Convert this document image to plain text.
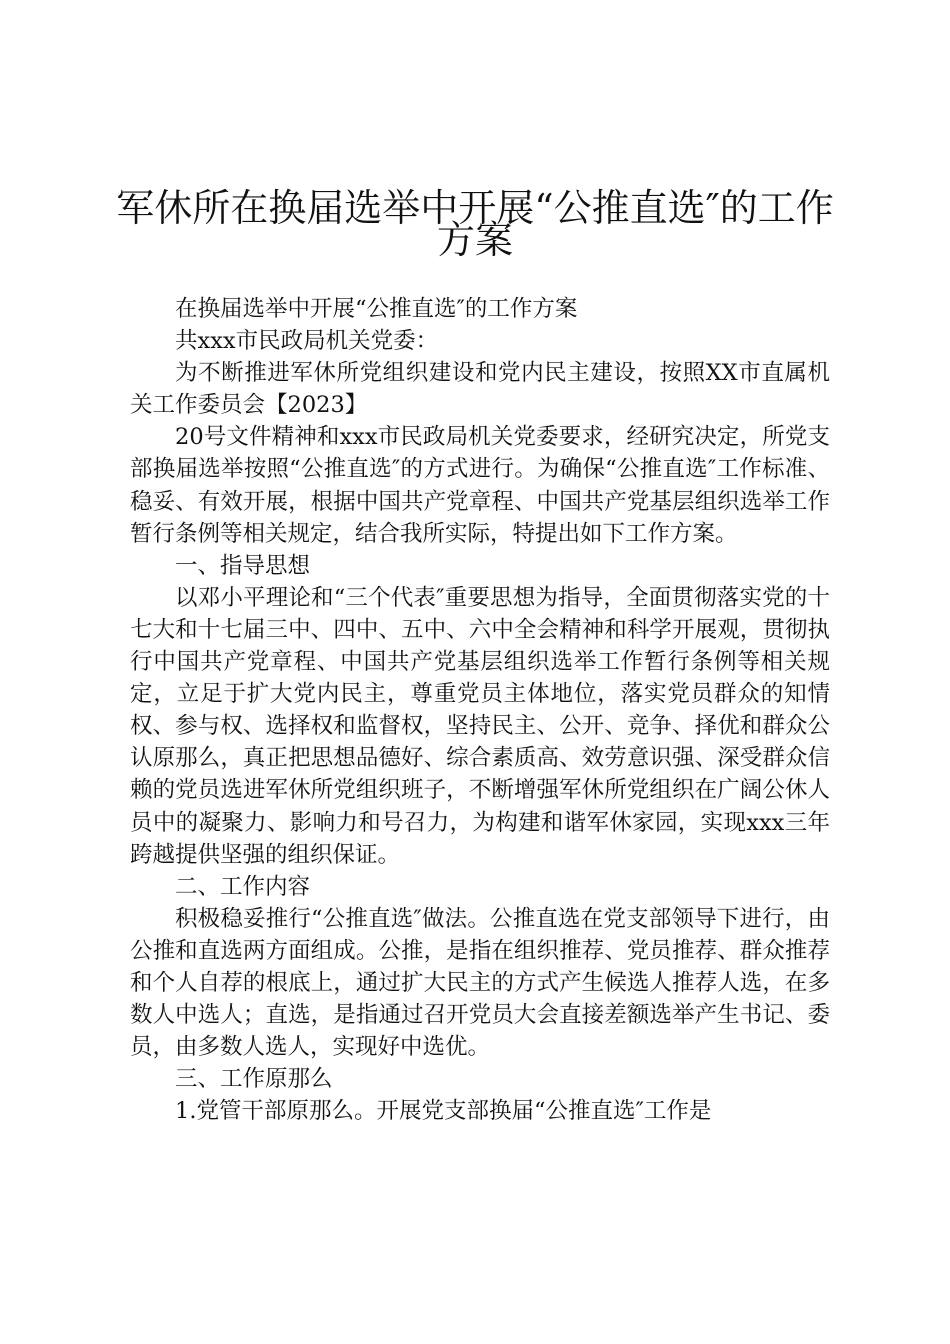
军休所在换届选举中开展“公推直选″的工作
方案

在换届选举中开展“公推直选″的工作方案

共xxx市民政局机关党委：

为不断推进军休所党组织建设和党内民主建设，按照XX市直属机关工作委员会【2023】

20号文件精神和xxx市民政局机关党委要求，经研究决定，所党支部换届选举按照“公推直选″的方式进行。为确保“公推直选″工作标准、稳妥、有效开展，根据中国共产党章程、中国共产党基层组织选举工作暂行条例等相关规定，结合我所实际，特提出如下工作方案。

一、指导思想

以邓小平理论和“三个代表″重要思想为指导，全面贯彻落实党的十七大和十七届三中、四中、五中、六中全会精神和科学开展观，贯彻执行中国共产党章程、中国共产党基层组织选举工作暂行条例等相关规定，立足于扩大党内民主，尊重党员主体地位，落实党员群众的知情权、参与权、选择权和监督权，坚持民主、公开、竞争、择优和群众公认原那么，真正把思想品德好、综合素质高、效劳意识强、深受群众信赖的党员选进军休所党组织班子，不断增强军休所党组织在广阔公休人员中的凝聚力、影响力和号召力，为构建和谐军休家园，实现xxx三年跨越提供坚强的组织保证。

二、工作内容

积极稳妥推行“公推直选″做法。公推直选在党支部领导下进行，由公推和直选两方面组成。公推，是指在组织推荐、党员推荐、群众推荐和个人自荐的根底上，通过扩大民主的方式产生候选人推荐人选，在多数人中选人；直选，是指通过召开党员大会直接差额选举产生书记、委员，由多数人选人，实现好中选优。

三、工作原那么

1.党管干部原那么。开展党支部换届“公推直选″工作是
